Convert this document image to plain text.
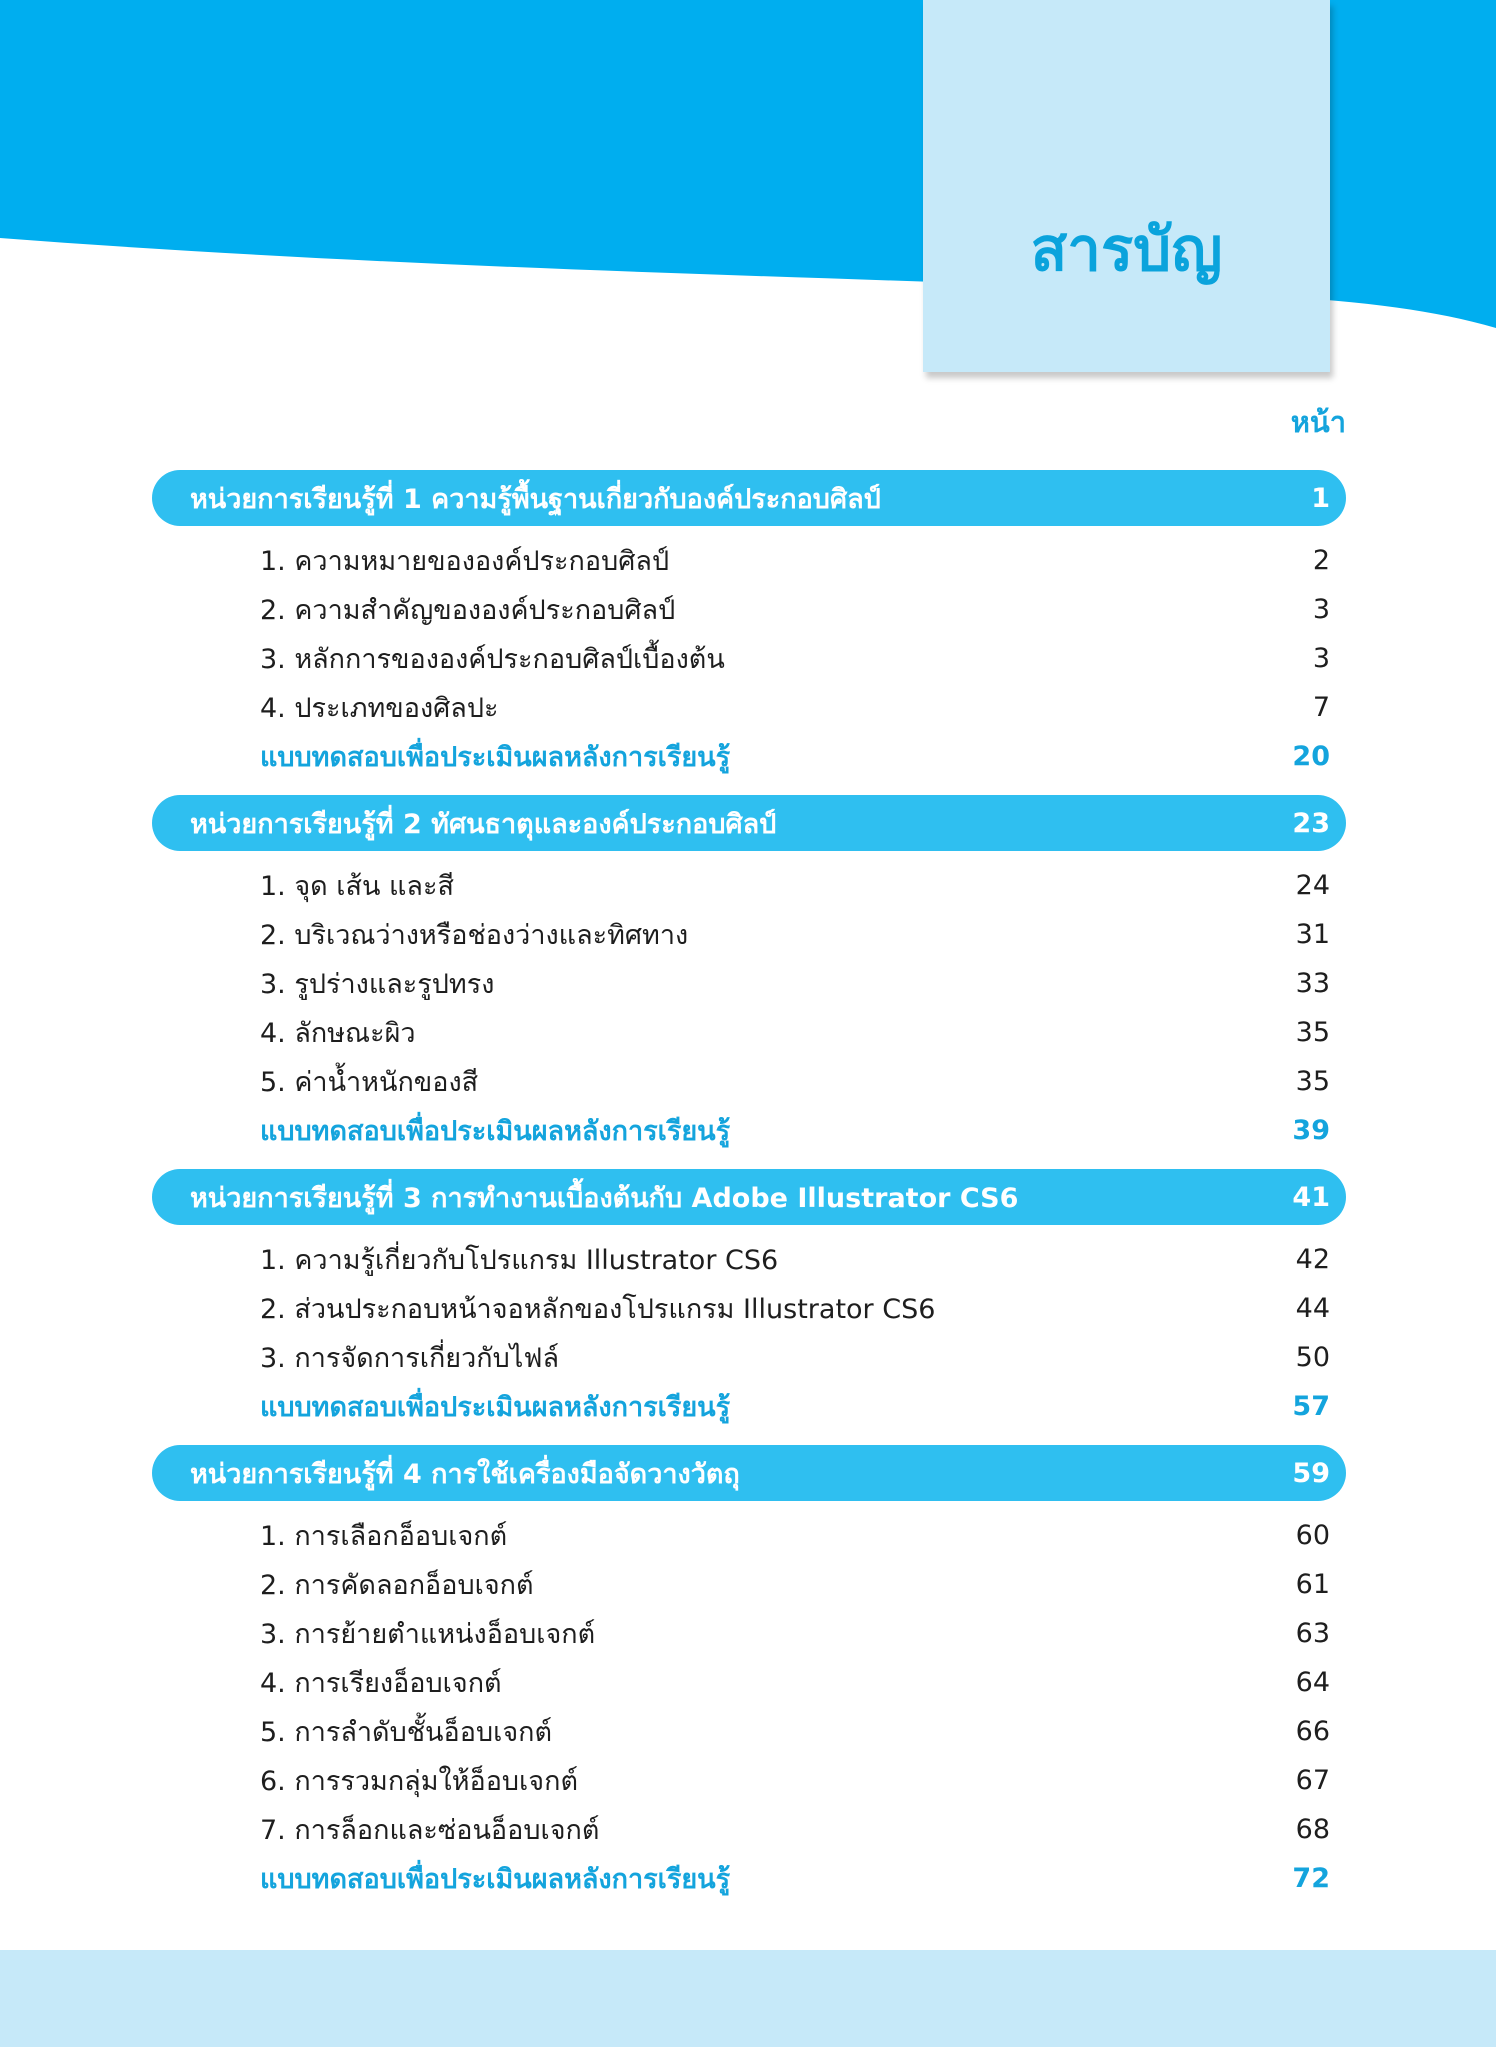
สารบัญ
หน้า
หน่วยการเรียนรู้ที่ 1 ความรู้พื้นฐานเกี่ยวกับองค์ประกอบศิลป์	1
1. ความหมายขององค์ประกอบศิลป์	2
2. ความสำคัญขององค์ประกอบศิลป์	3
3. หลักการขององค์ประกอบศิลป์เบื้องต้น	3
4. ประเภทของศิลปะ	7
แบบทดสอบเพื่อประเมินผลหลังการเรียนรู้	20
หน่วยการเรียนรู้ที่ 2 ทัศนธาตุและองค์ประกอบศิลป์	23
1. จุด เส้น และสี	24
2. บริเวณว่างหรือช่องว่างและทิศทาง	31
3. รูปร่างและรูปทรง	33
4. ลักษณะผิว	35
5. ค่าน้ำหนักของสี	35
แบบทดสอบเพื่อประเมินผลหลังการเรียนรู้	39
หน่วยการเรียนรู้ที่ 3 การทำงานเบื้องต้นกับ Adobe Illustrator CS6	41
1. ความรู้เกี่ยวกับโปรแกรม Illustrator CS6	42
2. ส่วนประกอบหน้าจอหลักของโปรแกรม Illustrator CS6	44
3. การจัดการเกี่ยวกับไฟล์	50
แบบทดสอบเพื่อประเมินผลหลังการเรียนรู้	57
หน่วยการเรียนรู้ที่ 4 การใช้เครื่องมือจัดวางวัตถุ	59
1. การเลือกอ็อบเจกต์	60
2. การคัดลอกอ็อบเจกต์	61
3. การย้ายตำแหน่งอ็อบเจกต์	63
4. การเรียงอ็อบเจกต์	64
5. การลำดับชั้นอ็อบเจกต์	66
6. การรวมกลุ่มให้อ็อบเจกต์	67
7. การล็อกและซ่อนอ็อบเจกต์	68
แบบทดสอบเพื่อประเมินผลหลังการเรียนรู้	72
